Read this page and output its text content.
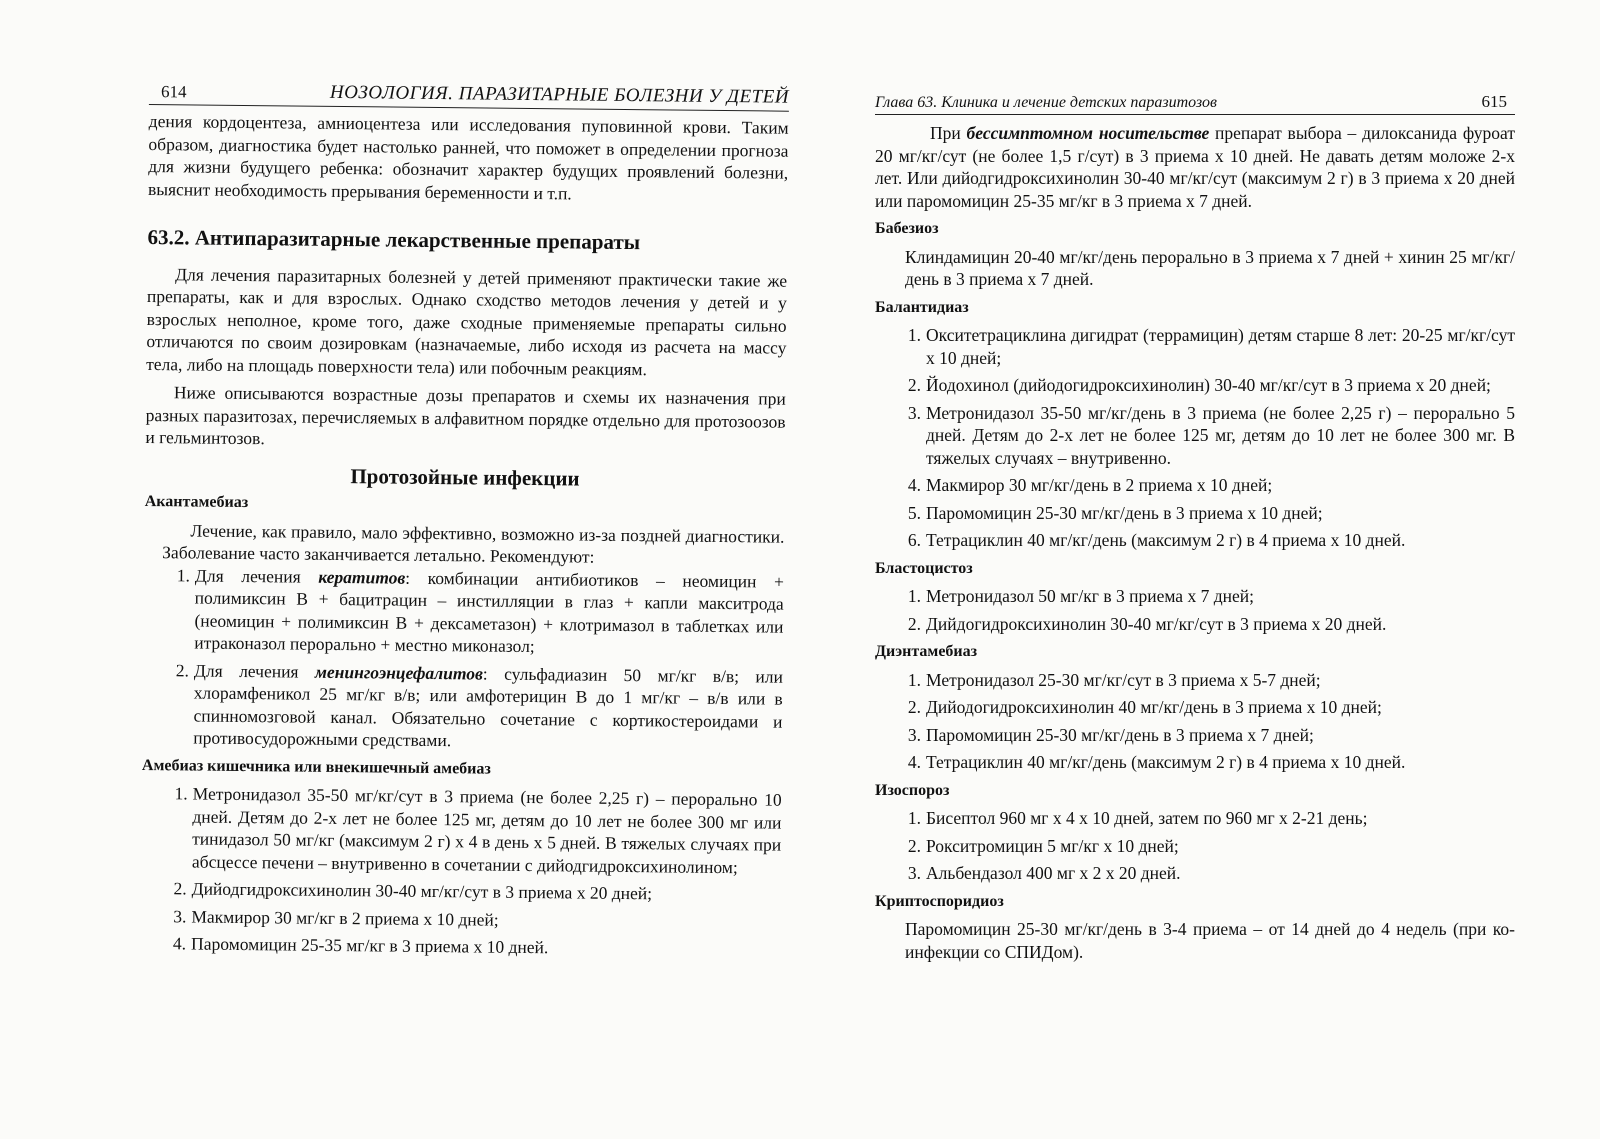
614	НОЗОЛОГИЯ. ПАРАЗИТАРНЫЕ БОЛЕЗНИ У ДЕТЕЙ

дения кордоцентеза, амниоцентеза или исследования пуповинной крови. Таким образом, диагностика будет настолько ранней, что поможет в определении прогноза для жизни будущего ребенка: обозначит характер будущих проявлений болезни, выяснит необходимость прерывания беременности и т.п.

63.2. Антипаразитарные лекарственные препараты

Для лечения паразитарных болезней у детей применяют практически такие же препараты, как и для взрослых. Однако сходство методов лечения у детей и у взрослых неполное, кроме того, даже сходные применяемые препараты сильно отличаются по своим дозировкам (назначаемые, либо исходя из расчета на массу тела, либо на площадь поверхности тела) или побочным реакциям.

Ниже описываются возрастные дозы препаратов и схемы их назначения при разных паразитозах, перечисляемых в алфавитном порядке отдельно для протозоозов и гельминтозов.

Протозойные инфекции
Акантамебиаз

Лечение, как правило, мало эффективно, возможно из-за поздней диагностики. Заболевание часто заканчивается летально. Рекомендуют:

1. Для лечения кератитов: комбинации антибиотиков – неомицин + полимиксин В + бацитрацин – инстилляции в глаз + капли макситрода (неомицин + полимиксин В + дексаметазон) + клотримазол в таблетках или итраконазол перорально + местно миконазол;
2. Для лечения менингоэнцефалитов: сульфадиазин 50 мг/кг в/в; или хлорамфеникол 25 мг/кг в/в; или амфотерицин В до 1 мг/кг – в/в или в спинномозговой канал. Обязательно сочетание с кортикостероидами и противосудорожными средствами.
Амебиаз кишечника или внекишечный амебиаз
1. Метронидазол 35-50 мг/кг/сут в 3 приема (не более 2,25 г) – перорально 10 дней. Детям до 2-х лет не более 125 мг, детям до 10 лет не более 300 мг или тинидазол 50 мг/кг (максимум 2 г) х 4 в день х 5 дней. В тяжелых случаях при абсцессе печени – внутривенно в сочетании с дийодгидроксихинолином;
2. Дийодгидроксихинолин 30-40 мг/кг/сут в 3 приема х 20 дней;
3. Макмирор 30 мг/кг в 2 приема х 10 дней;
4. Паромомицин 25-35 мг/кг в 3 приема х 10 дней.
Глава 63. Клиника и лечение детских паразитозов	615

При бессимптомном носительстве препарат выбора – дилоксанида фуроат 20 мг/кг/сут (не более 1,5 г/сут) в 3 приема х 10 дней. Не давать детям моложе 2-х лет. Или дийодгидроксихинолин 30-40 мг/кг/сут (максимум 2 г) в 3 приема х 20 дней или паромомицин 25-35 мг/кг в 3 приема х 7 дней.

Бабезиоз

Клиндамицин 20-40 мг/кг/день перорально в 3 приема х 7 дней + хинин 25 мг/кг/день в 3 приема х 7 дней.

Балантидиаз
1. Окситетрациклина дигидрат (террамицин) детям старше 8 лет: 20-25 мг/кг/сут х 10 дней;
2. Йодохинол (дийодогидроксихинолин) 30-40 мг/кг/сут в 3 приема х 20 дней;
3. Метронидазол 35-50 мг/кг/день в 3 приема (не более 2,25 г) – перорально 5 дней. Детям до 2-х лет не более 125 мг, детям до 10 лет не более 300 мг. В тяжелых случаях – внутривенно.
4. Макмирор 30 мг/кг/день в 2 приема х 10 дней;
5. Паромомицин 25-30 мг/кг/день в 3 приема х 10 дней;
6. Тетрациклин 40 мг/кг/день (максимум 2 г) в 4 приема х 10 дней.
Бластоцистоз
1. Метронидазол 50 мг/кг в 3 приема х 7 дней;
2. Дийдогидроксихинолин 30-40 мг/кг/сут в 3 приема х 20 дней.
Диэнтамебиаз
1. Метронидазол 25-30 мг/кг/сут в 3 приема х 5-7 дней;
2. Дийодогидроксихинолин 40 мг/кг/день в 3 приема х 10 дней;
3. Паромомицин 25-30 мг/кг/день в 3 приема х 7 дней;
4. Тетрациклин 40 мг/кг/день (максимум 2 г) в 4 приема х 10 дней.
Изоспороз
1. Бисептол 960 мг х 4 х 10 дней, затем по 960 мг х 2-21 день;
2. Рокситромицин 5 мг/кг х 10 дней;
3. Альбендазол 400 мг х 2 х 20 дней.
Криптоспоридиоз

Паромомицин 25-30 мг/кг/день в 3-4 приема – от 14 дней до 4 недель (при ко-инфекции со СПИДом).
